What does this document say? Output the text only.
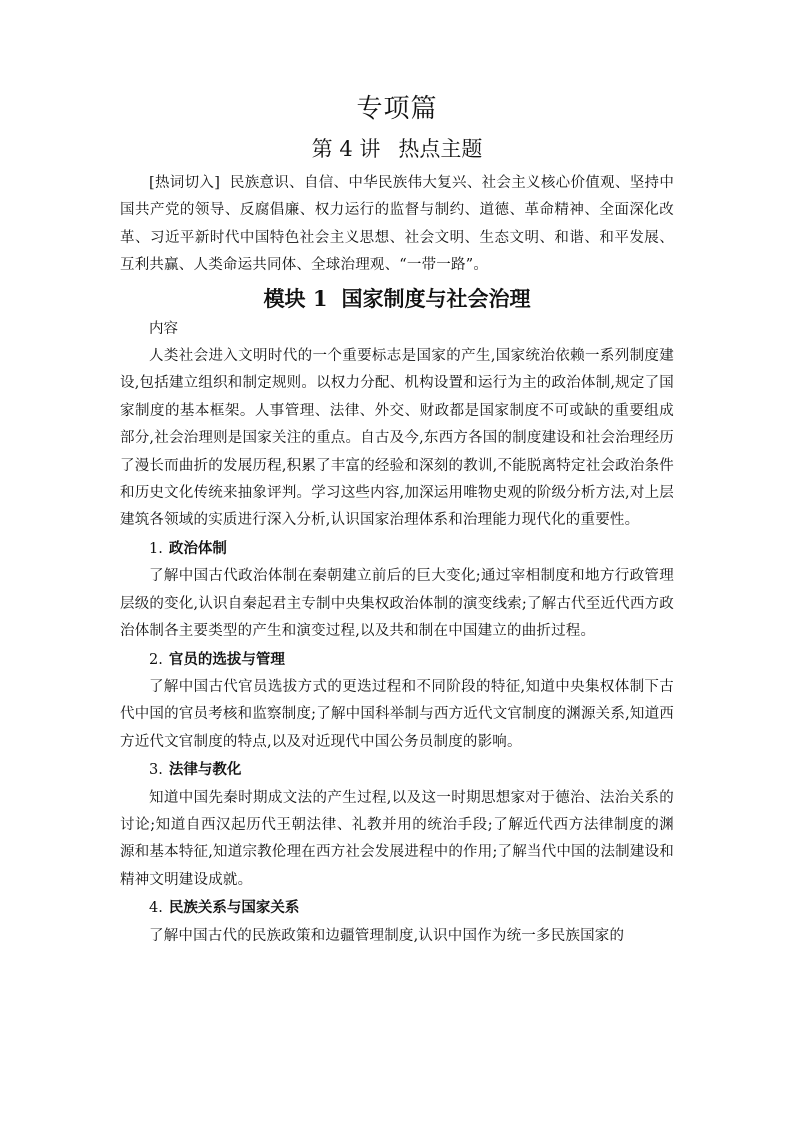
专项篇
第 4 讲 热点主题

[热词切入] 民族意识、自信、中华民族伟大复兴、社会主义核心价值观、坚持中国共产党的领导、反腐倡廉、权力运行的监督与制约、道德、革命精神、全面深化改革、习近平新时代中国特色社会主义思想、社会文明、生态文明、和谐、和平发展、互利共赢、人类命运共同体、全球治理观、“一带一路”。

模块 1 国家制度与社会治理

内容

人类社会进入文明时代的一个重要标志是国家的产生,国家统治依赖一系列制度建设,包括建立组织和制定规则。以权力分配、机构设置和运行为主的政治体制,规定了国家制度的基本框架。人事管理、法律、外交、财政都是国家制度不可或缺的重要组成部分,社会治理则是国家关注的重点。自古及今,东西方各国的制度建设和社会治理经历了漫长而曲折的发展历程,积累了丰富的经验和深刻的教训,不能脱离特定社会政治条件和历史文化传统来抽象评判。学习这些内容,加深运用唯物史观的阶级分析方法,对上层建筑各领域的实质进行深入分析,认识国家治理体系和治理能力现代化的重要性。

1. 政治体制

了解中国古代政治体制在秦朝建立前后的巨大变化;通过宰相制度和地方行政管理层级的变化,认识自秦起君主专制中央集权政治体制的演变线索;了解古代至近代西方政治体制各主要类型的产生和演变过程,以及共和制在中国建立的曲折过程。

2. 官员的选拔与管理

了解中国古代官员选拔方式的更迭过程和不同阶段的特征,知道中央集权体制下古代中国的官员考核和监察制度;了解中国科举制与西方近代文官制度的渊源关系,知道西方近代文官制度的特点,以及对近现代中国公务员制度的影响。

3. 法律与教化

知道中国先秦时期成文法的产生过程,以及这一时期思想家对于德治、法治关系的讨论;知道自西汉起历代王朝法律、礼教并用的统治手段;了解近代西方法律制度的渊源和基本特征,知道宗教伦理在西方社会发展进程中的作用;了解当代中国的法制建设和精神文明建设成就。

4. 民族关系与国家关系

了解中国古代的民族政策和边疆管理制度,认识中国作为统一多民族国家的
